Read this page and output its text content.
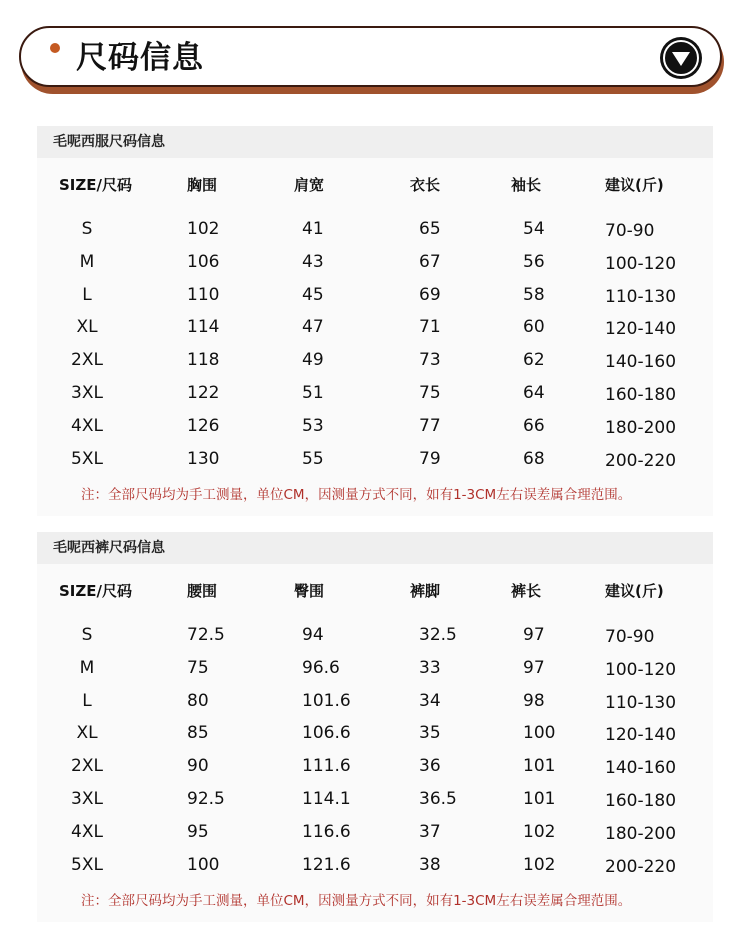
尺码信息
毛呢西服尺码信息
SIZE/尺码	胸围	肩宽	衣长	袖长	建议(斤)
S	102	41	65	54	70-90
M	106	43	67	56	100-120
L	110	45	69	58	110-130
XL	114	47	71	60	120-140
2XL	118	49	73	62	140-160
3XL	122	51	75	64	160-180
4XL	126	53	77	66	180-200
5XL	130	55	79	68	200-220
注：全部尺码均为手工测量，单位CM，因测量方式不同，如有1-3CM左右误差属合理范围。
毛呢西裤尺码信息
SIZE/尺码	腰围	臀围	裤脚	裤长	建议(斤)
S	72.5	94	32.5	97	70-90
M	75	96.6	33	97	100-120
L	80	101.6	34	98	110-130
XL	85	106.6	35	100	120-140
2XL	90	111.6	36	101	140-160
3XL	92.5	114.1	36.5	101	160-180
4XL	95	116.6	37	102	180-200
5XL	100	121.6	38	102	200-220
注：全部尺码均为手工测量，单位CM，因测量方式不同，如有1-3CM左右误差属合理范围。
